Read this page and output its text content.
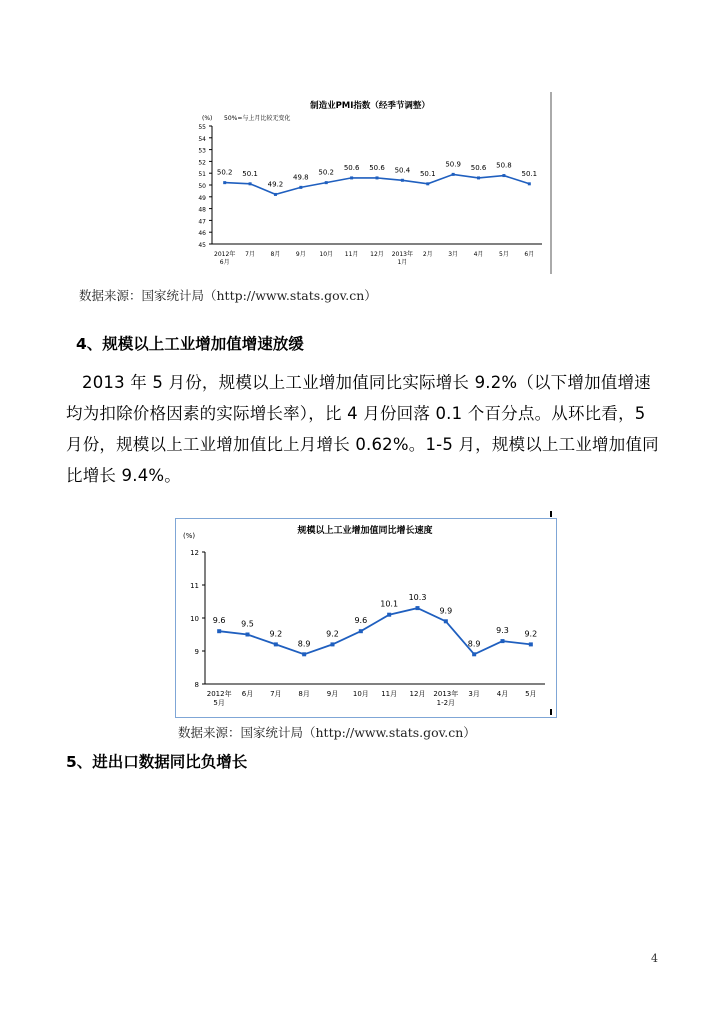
制造业PMI指数（经季节调整）
(%) 50%=与上月比较无变化
45
46
47
48
49
50
51
52
53
54
55
2012年
6月
7月	8月	9月 10月 11月 12月 2013年
1月
2月	3月	4月	5月	6月
50.2 50.1
49.2
49.8
50.2
50.6 50.6 50.4 50.1
50.9 50.6 50.8
50.1
数据来源：国家统计局（http://www.stats.gov.cn）
4、规模以上工业增加值增速放缓
2013 年 5 月份，规模以上工业增加值同比实际增长 9.2%（以下增加值增速
均为扣除价格因素的实际增长率），比 4 月份回落 0.1 个百分点。从环比看，5
月份，规模以上工业增加值比上月增长 0.62%。1-5 月，规模以上工业增加值同
比增长 9.4%。
规模以上工业增加值同比增长速度
(%)
8
9
10
11
12
2012年
5月
6月 7月 8月 9月 10月 11月 12月 2013年
1-2月
3月 4月 5月
9.6 9.5
9.2
8.9
9.2
9.6
10.1
10.3
9.9
8.9
9.3 9.2
数据来源：国家统计局（http://www.stats.gov.cn）
5、进出口数据同比负增长
4
